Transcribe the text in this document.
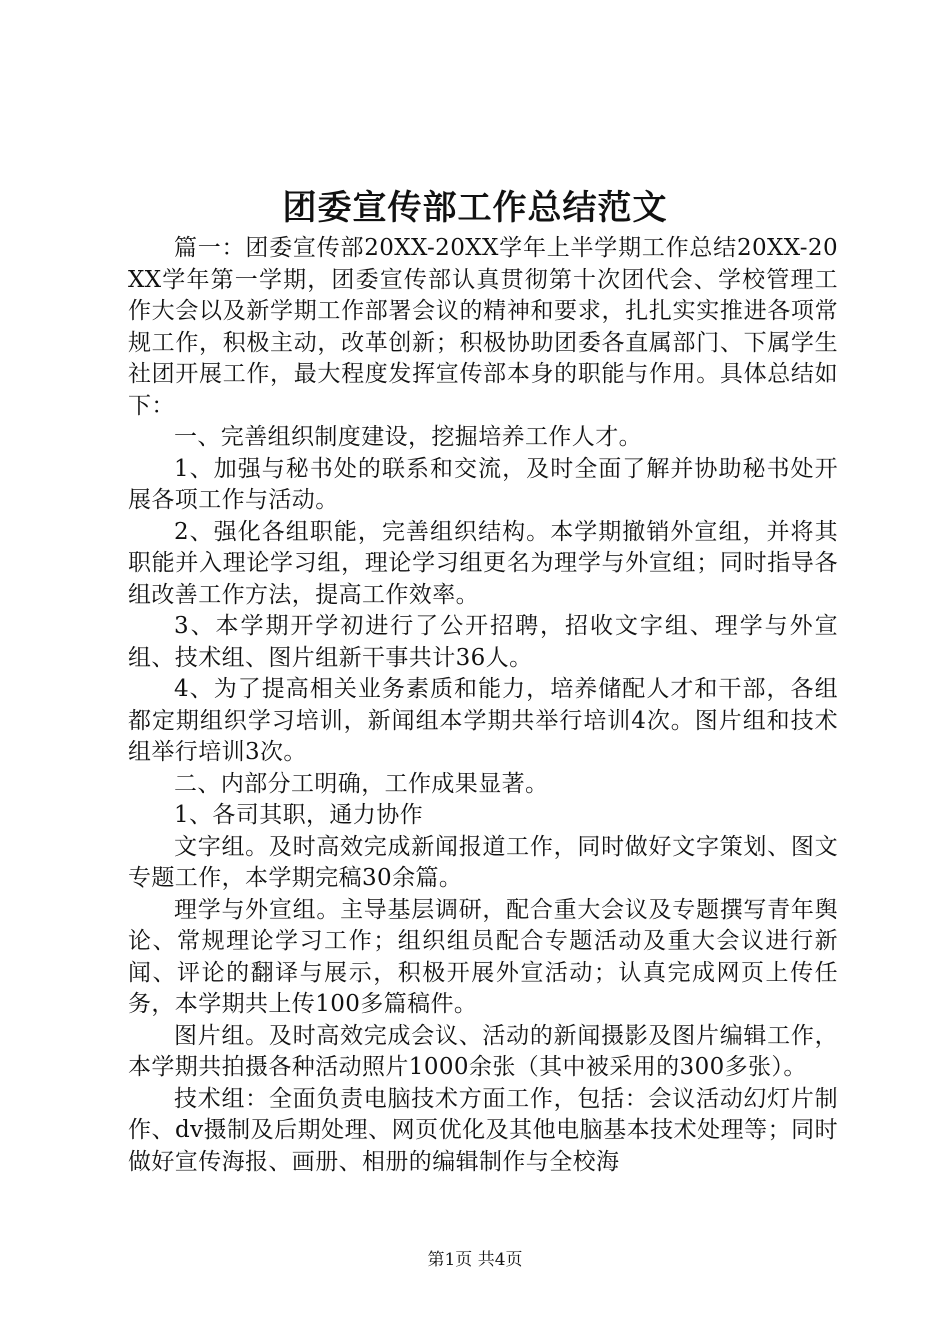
团委宣传部工作总结范文

篇一：团委宣传部20XX-20XX学年上半学期工作总结20XX-20XX学年第一学期，团委宣传部认真贯彻第十次团代会、学校管理工作大会以及新学期工作部署会议的精神和要求，扎扎实实推进各项常规工作，积极主动，改革创新；积极协助团委各直属部门、下属学生社团开展工作，最大程度发挥宣传部本身的职能与作用。具体总结如下：

一、完善组织制度建设，挖掘培养工作人才。

1、加强与秘书处的联系和交流，及时全面了解并协助秘书处开展各项工作与活动。

2、强化各组职能，完善组织结构。本学期撤销外宣组，并将其职能并入理论学习组，理论学习组更名为理学与外宣组；同时指导各组改善工作方法，提高工作效率。

3、本学期开学初进行了公开招聘，招收文字组、理学与外宣组、技术组、图片组新干事共计36人。

4、为了提高相关业务素质和能力，培养储配人才和干部，各组都定期组织学习培训，新闻组本学期共举行培训4次。图片组和技术组举行培训3次。

二、内部分工明确，工作成果显著。

1、各司其职，通力协作

文字组。及时高效完成新闻报道工作，同时做好文字策划、图文专题工作，本学期完稿30余篇。

理学与外宣组。主导基层调研，配合重大会议及专题撰写青年舆论、常规理论学习工作；组织组员配合专题活动及重大会议进行新闻、评论的翻译与展示，积极开展外宣活动；认真完成网页上传任务，本学期共上传100多篇稿件。

图片组。及时高效完成会议、活动的新闻摄影及图片编辑工作，本学期共拍摄各种活动照片1000余张（其中被采用的300多张）。

技术组：全面负责电脑技术方面工作，包括：会议活动幻灯片制作、dv摄制及后期处理、网页优化及其他电脑基本技术处理等；同时做好宣传海报、画册、相册的编辑制作与全校海

第1页 共4页
